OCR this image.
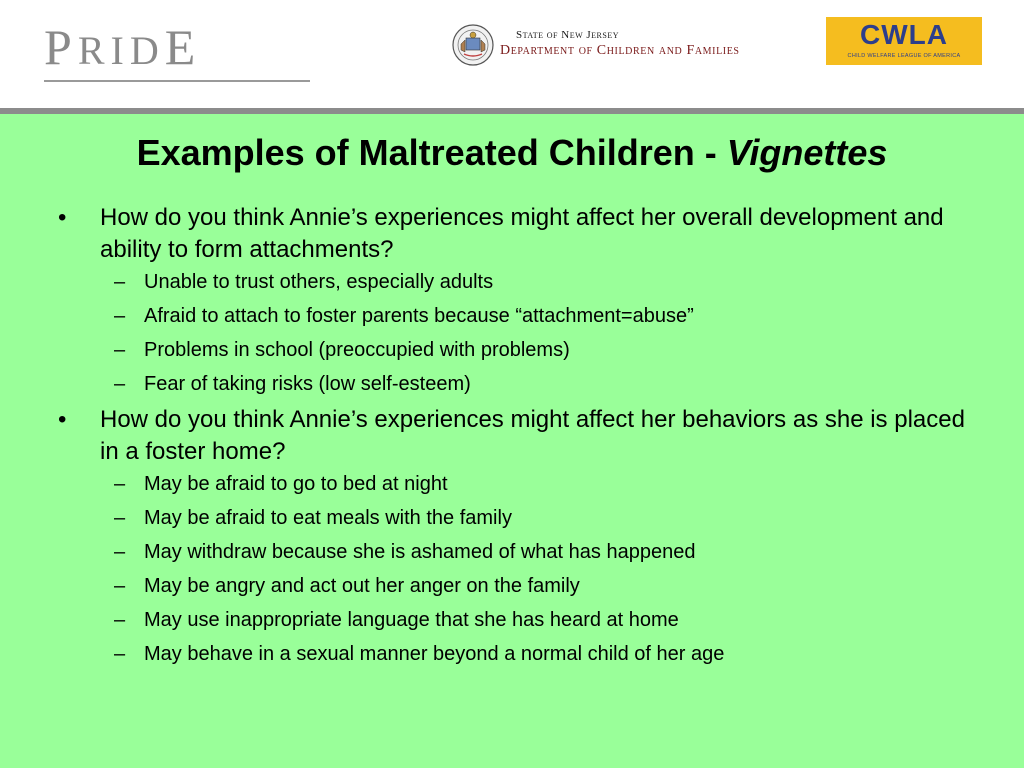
PRIDE	State of New Jersey
Department of Children and Families
CWLA
CHILD WELFARE LEAGUE OF AMERICA
Examples of Maltreated Children - Vignettes
• How do you think Annie’s experiences might affect her overall development and ability to form attachments?
– Unable to trust others, especially adults
– Afraid to attach to foster parents because “attachment=abuse”
– Problems in school (preoccupied with problems)
– Fear of taking risks (low self-esteem)
• How do you think Annie’s experiences might affect her behaviors as she is placed in a foster home?
– May be afraid to go to bed at night
– May be afraid to eat meals with the family
– May withdraw because she is ashamed of what has happened
– May be angry and act out her anger on the family
– May use inappropriate language that she has heard at home
– May behave in a sexual manner beyond a normal child of her age
